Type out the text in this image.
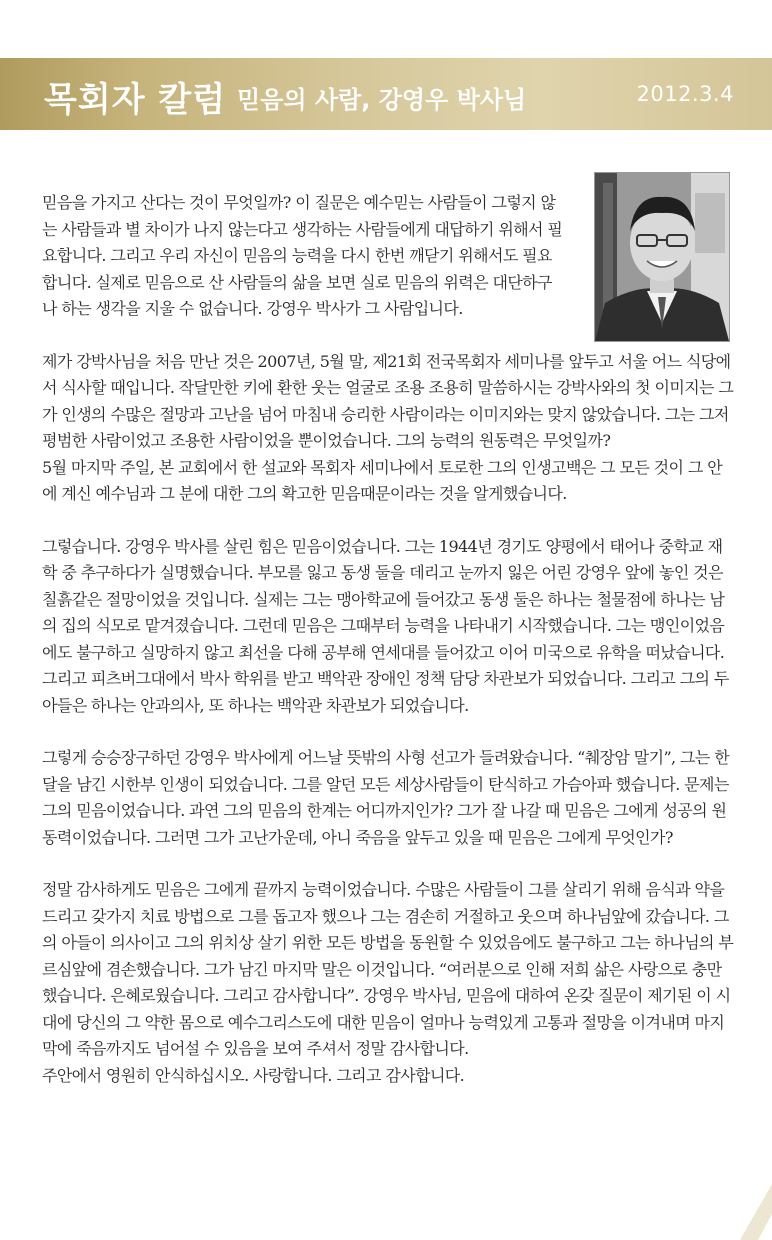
목회자 칼럼 믿음의 사람, 강영우 박사님	2012.3.4

믿음을 가지고 산다는 것이 무엇일까? 이 질문은 예수믿는 사람들이 그렇지 않는 사람들과 별 차이가 나지 않는다고 생각하는 사람들에게 대답하기 위해서 필요합니다. 그리고 우리 자신이 믿음의 능력을 다시 한번 깨닫기 위해서도 필요합니다. 실제로 믿음으로 산 사람들의 삶을 보면 실로 믿음의 위력은 대단하구나 하는 생각을 지울 수 없습니다. 강영우 박사가 그 사람입니다.

제가 강박사님을 처음 만난 것은 2007년, 5월 말, 제21회 전국목회자 세미나를 앞두고 서울 어느 식당에서 식사할 때입니다. 작달만한 키에 환한 웃는 얼굴로 조용 조용히 말씀하시는 강박사와의 첫 이미지는 그가 인생의 수많은 절망과 고난을 넘어 마침내 승리한 사람이라는 이미지와는 맞지 않았습니다. 그는 그저 평범한 사람이었고 조용한 사람이었을 뿐이었습니다. 그의 능력의 원동력은 무엇일까?

5월 마지막 주일, 본 교회에서 한 설교와 목회자 세미나에서 토로한 그의 인생고백은 그 모든 것이 그 안에 계신 예수님과 그 분에 대한 그의 확고한 믿음때문이라는 것을 알게했습니다.

그렇습니다. 강영우 박사를 살린 힘은 믿음이었습니다. 그는 1944년 경기도 양평에서 태어나 중학교 재학 중 추구하다가 실명했습니다. 부모를 잃고 동생 둘을 데리고 눈까지 잃은 어린 강영우 앞에 놓인 것은 칠흙같은 절망이었을 것입니다. 실제는 그는 맹아학교에 들어갔고 동생 둘은 하나는 철물점에 하나는 남의 집의 식모로 맡겨졌습니다. 그런데 믿음은 그때부터 능력을 나타내기 시작했습니다. 그는 맹인이었음에도 불구하고 실망하지 않고 최선을 다해 공부해 연세대를 들어갔고 이어 미국으로 유학을 떠났습니다. 그리고 피츠버그대에서 박사 학위를 받고 백악관 장애인 정책 담당 차관보가 되었습니다. 그리고 그의 두 아들은 하나는 안과의사, 또 하나는 백악관 차관보가 되었습니다.

그렇게 승승장구하던 강영우 박사에게 어느날 뜻밖의 사형 선고가 들려왔습니다. “췌장암 말기”, 그는 한 달을 남긴 시한부 인생이 되었습니다. 그를 알던 모든 세상사람들이 탄식하고 가슴아파 했습니다. 문제는 그의 믿음이었습니다. 과연 그의 믿음의 한계는 어디까지인가? 그가 잘 나갈 때 믿음은 그에게 성공의 원동력이었습니다. 그러면 그가 고난가운데, 아니 죽음을 앞두고 있을 때 믿음은 그에게 무엇인가?

정말 감사하게도 믿음은 그에게 끝까지 능력이었습니다. 수많은 사람들이 그를 살리기 위해 음식과 약을 드리고 갖가지 치료 방법으로 그를 돕고자 했으나 그는 겸손히 거절하고 웃으며 하나님앞에 갔습니다. 그의 아들이 의사이고 그의 위치상 살기 위한 모든 방법을 동원할 수 있었음에도 불구하고 그는 하나님의 부르심앞에 겸손했습니다. 그가 남긴 마지막 말은 이것입니다. “여러분으로 인해 저희 삶은 사랑으로 충만했습니다. 은혜로웠습니다. 그리고 감사합니다”. 강영우 박사님, 믿음에 대하여 온갖 질문이 제기된 이 시대에 당신의 그 약한 몸으로 예수그리스도에 대한 믿음이 얼마나 능력있게 고통과 절망을 이겨내며 마지막에 죽음까지도 넘어설 수 있음을 보여 주셔서 정말 감사합니다.

주안에서 영원히 안식하십시오. 사랑합니다. 그리고 감사합니다.
